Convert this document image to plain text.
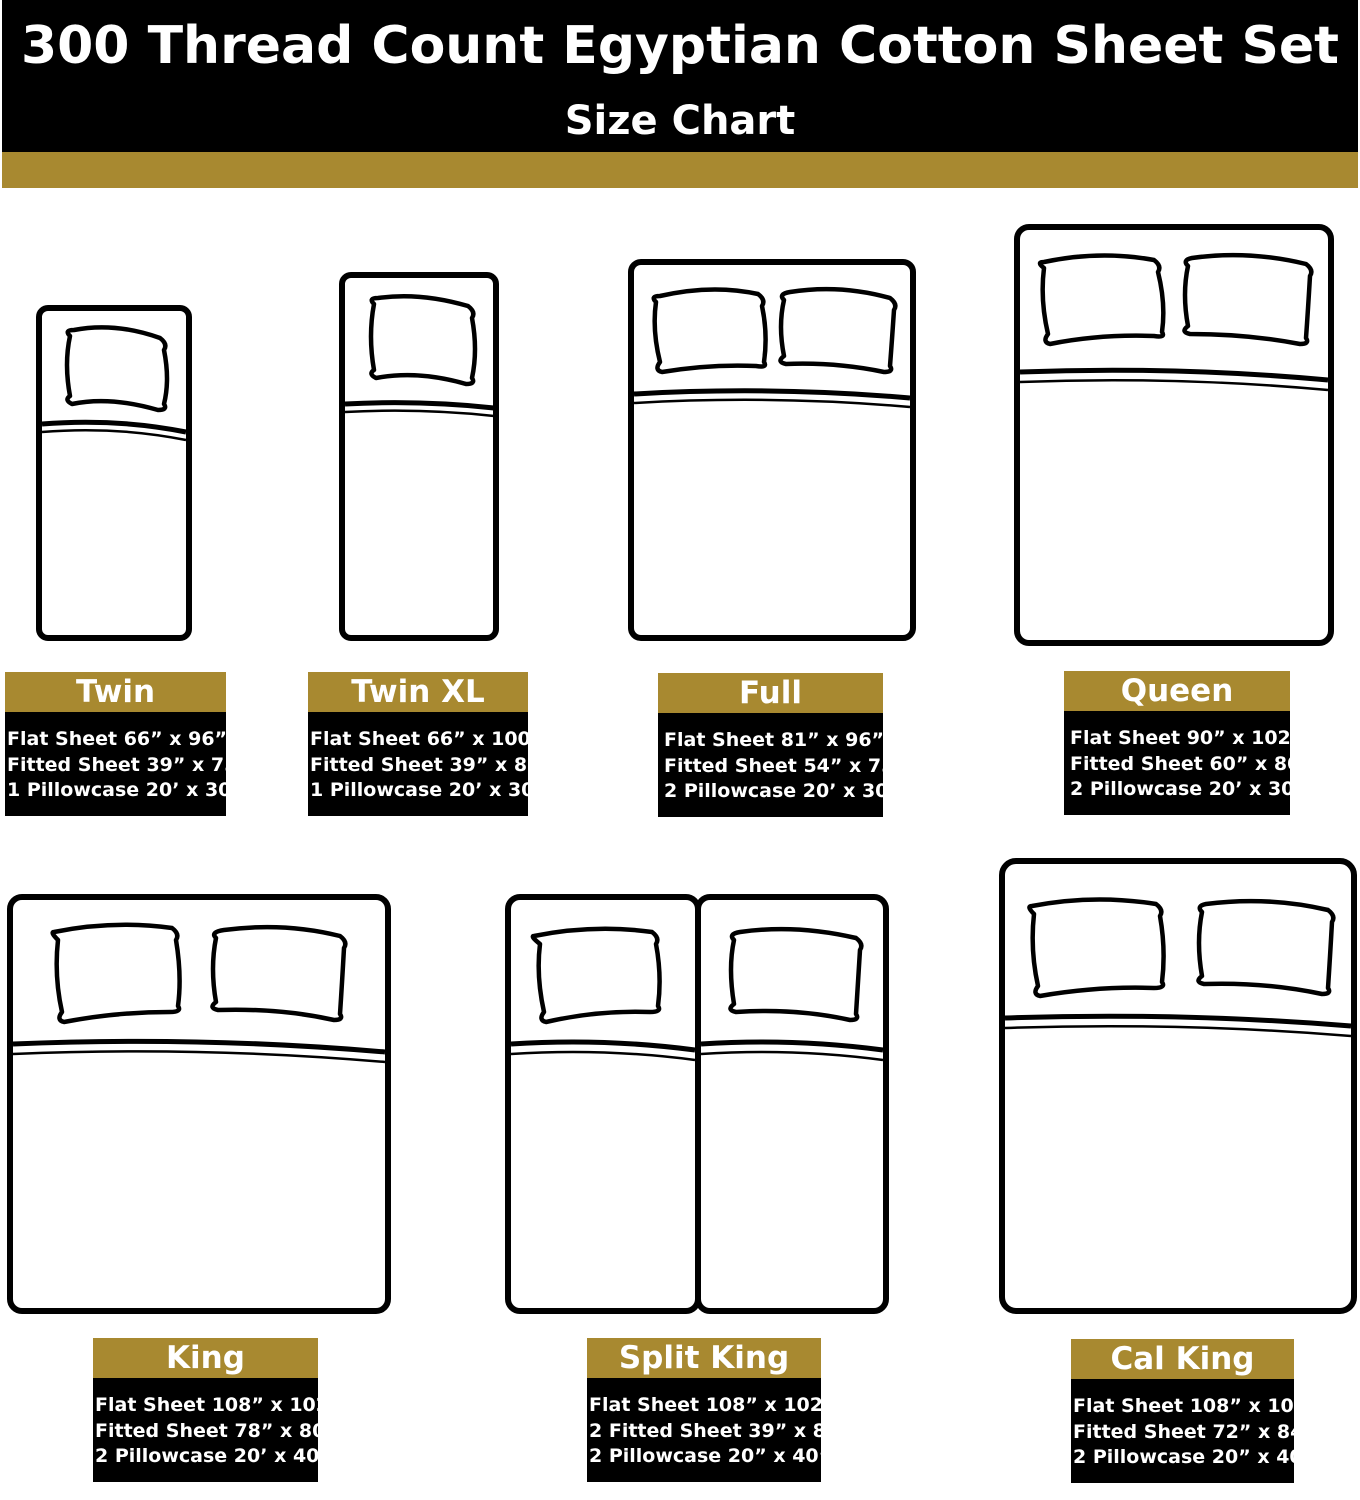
300 Thread Count Egyptian Cotton Sheet Set
Size Chart
Twin
Flat Sheet 66” x 96”
Fitted Sheet 39” x 75”
1 Pillowcase 20’ x 30”
Twin XL
Flat Sheet 66” x 100”
Fitted Sheet 39” x 80”
1 Pillowcase 20’ x 30”
Full
Flat Sheet 81” x 96”
Fitted Sheet 54” x 75”
2 Pillowcase 20’ x 30”
Queen
Flat Sheet 90” x 102”
Fitted Sheet 60” x 80”
2 Pillowcase 20’ x 30”
King
Flat Sheet 108” x 102”
Fitted Sheet 78” x 80”
2 Pillowcase 20’ x 40”
Split King
Flat Sheet 108” x 102”
2 Fitted Sheet 39” x 80”
2 Pillowcase 20” x 40”
Cal King
Flat Sheet 108” x 102”
Fitted Sheet 72” x 84”
2 Pillowcase 20” x 40”
